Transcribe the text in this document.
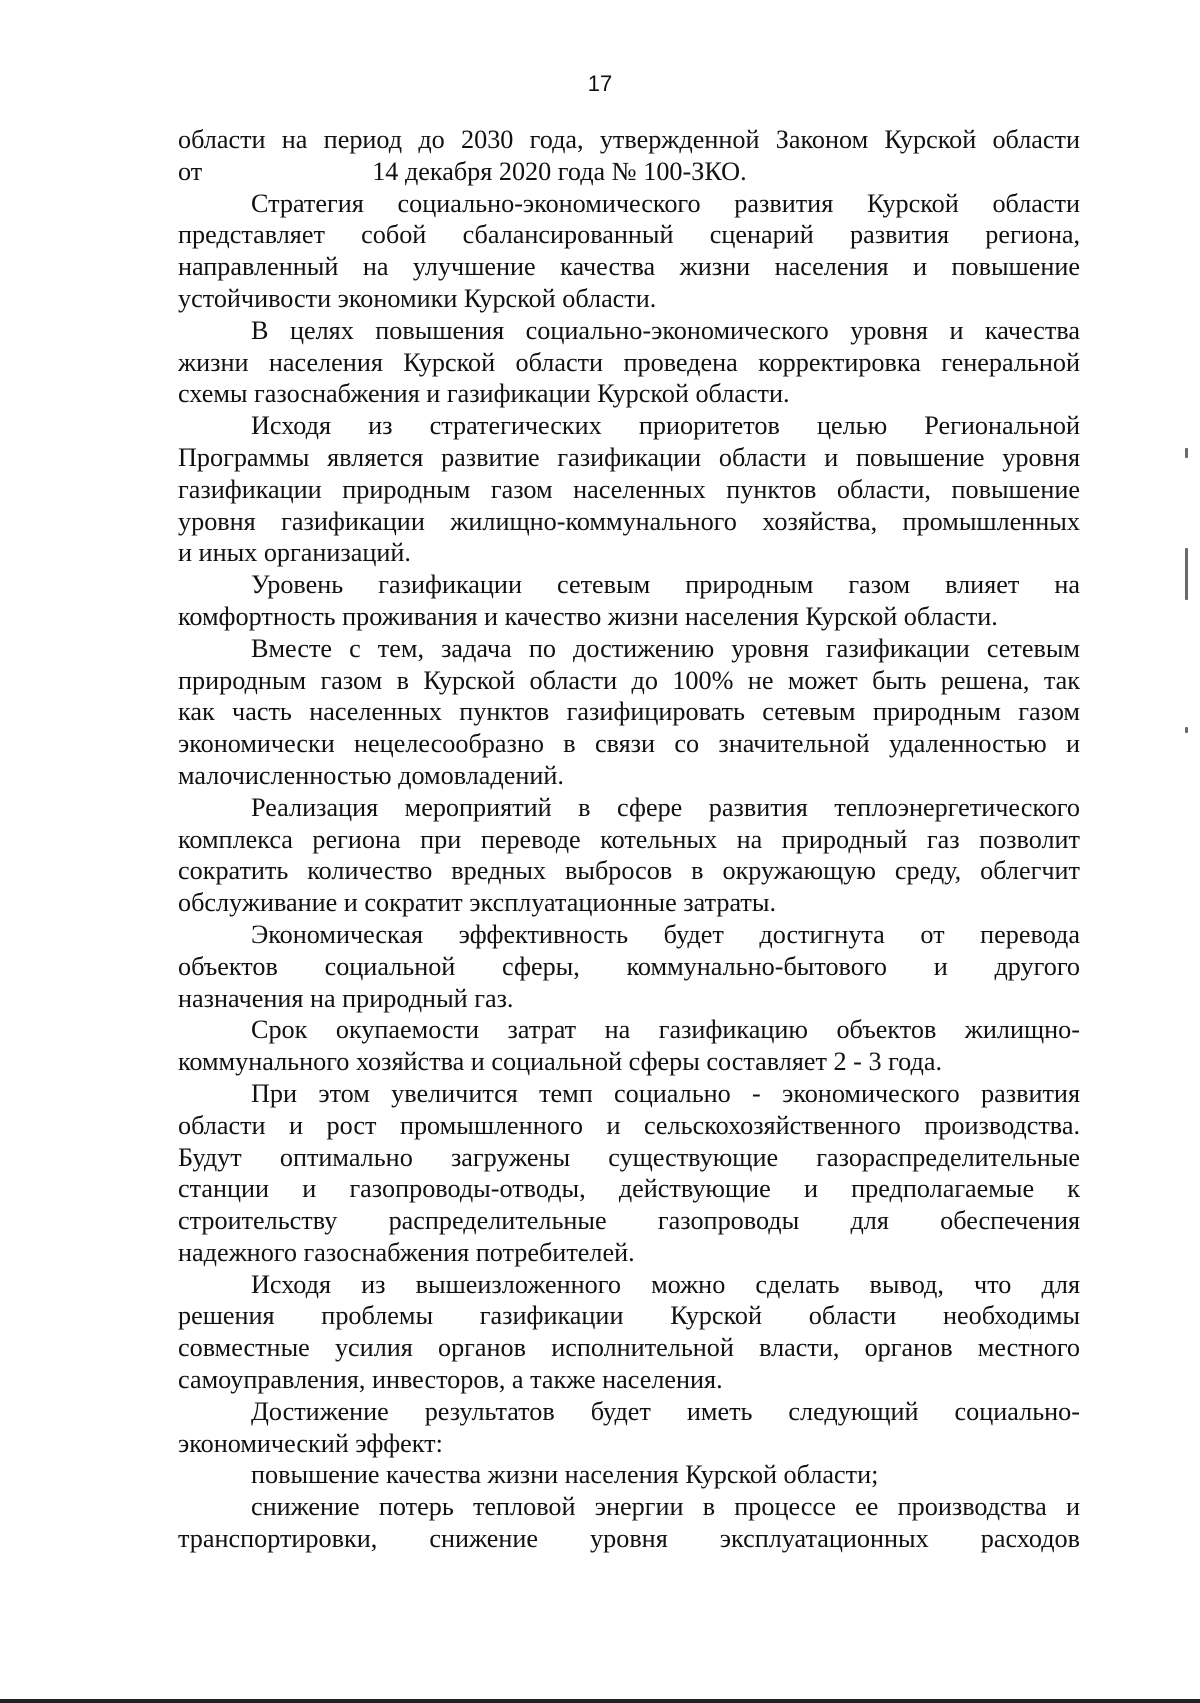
17
области на период до 2030 года, утвержденной Законом Курской области
от	14 декабря 2020 года № 100-ЗКО.
Стратегия социально-экономического развития Курской области
представляет собой сбалансированный сценарий развития региона,
направленный на улучшение качества жизни населения и повышение
устойчивости экономики Курской области.
В целях повышения социально-экономического уровня и качества
жизни населения Курской области проведена корректировка генеральной
схемы газоснабжения и газификации Курской области.
Исходя из стратегических приоритетов целью Региональной
Программы является развитие газификации области и повышение уровня
газификации природным газом населенных пунктов области, повышение
уровня газификации жилищно-коммунального хозяйства, промышленных
и иных организаций.
Уровень газификации сетевым природным газом влияет на
комфортность проживания и качество жизни населения Курской области.
Вместе с тем, задача по достижению уровня газификации сетевым
природным газом в Курской области до 100% не может быть решена, так
как часть населенных пунктов газифицировать сетевым природным газом
экономически нецелесообразно в связи со значительной удаленностью и
малочисленностью домовладений.
Реализация мероприятий в сфере развития теплоэнергетического
комплекса региона при переводе котельных на природный газ позволит
сократить количество вредных выбросов в окружающую среду, облегчит
обслуживание и сократит эксплуатационные затраты.
Экономическая эффективность будет достигнута от перевода
объектов социальной сферы, коммунально-бытового и другого
назначения на природный газ.
Срок окупаемости затрат на газификацию объектов жилищно-
коммунального хозяйства и социальной сферы составляет 2 - 3 года.
При этом увеличится темп социально - экономического развития
области и рост промышленного и сельскохозяйственного производства.
Будут оптимально загружены существующие газораспределительные
станции и газопроводы-отводы, действующие и предполагаемые к
строительству распределительные газопроводы для обеспечения
надежного газоснабжения потребителей.
Исходя из вышеизложенного можно сделать вывод, что для
решения проблемы газификации Курской области необходимы
совместные усилия органов исполнительной власти, органов местного
самоуправления, инвесторов, а также населения.
Достижение результатов будет иметь следующий социально-
экономический эффект:
повышение качества жизни населения Курской области;
снижение потерь тепловой энергии в процессе ее производства и
транспортировки, снижение уровня эксплуатационных расходов
